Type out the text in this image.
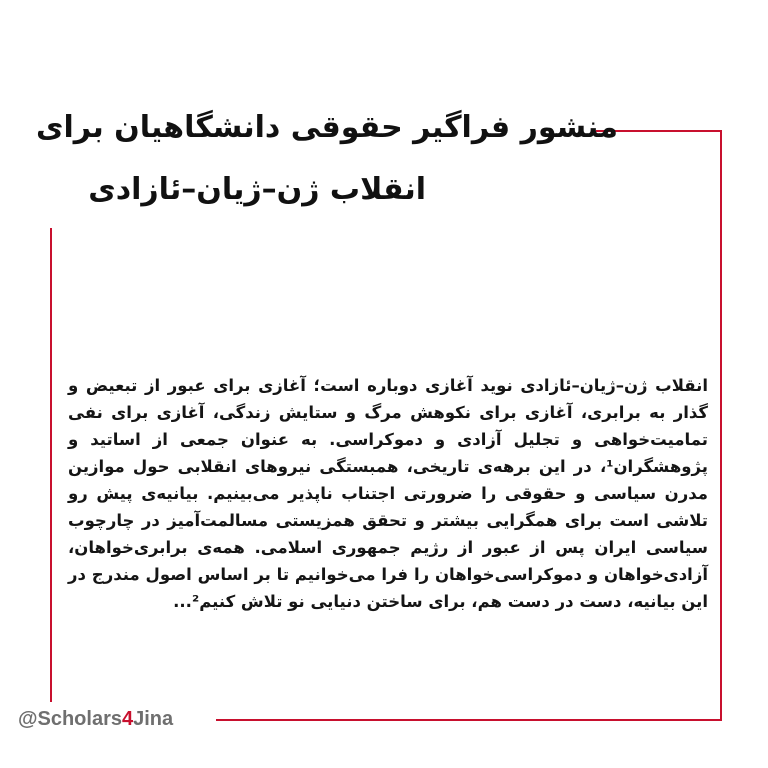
منشور فراگیر حقوقی دانشگاهیان برای
انقلاب ژن–ژیان–ئازادی

انقلاب ژن–ژیان–ئازادی نوید آغازی دوباره است؛ آغازی برای عبور از تبعیض و گذار به برابری، آغازی برای نکوهش مرگ و ستایش زندگی، آغازی برای نفی تمامیت‌خواهی و تجلیل آزادی و دموکراسی. به عنوان جمعی از اساتید و پژوهشگران¹، در این برهه‌ی تاریخی، همبستگی نیروهای انقلابی حول موازین مدرن سیاسی و حقوقی را ضرورتی اجتناب ناپذیر می‌بینیم. بیانیه‌ی پیش رو تلاشی است برای همگرایی بیشتر و تحقق همزیستی مسالمت‌آمیز در چارچوب سیاسی ایران پس از عبور از رژیم جمهوری اسلامی. همه‌ی برابری‌خواهان، آزادی‌خواهان و دموکراسی‌خواهان را فرا می‌خوانیم تا بر اساس اصول مندرج در این بیانیه، دست در دست هم، برای ساختن دنیایی نو تلاش کنیم²...

@Scholars4Jina
